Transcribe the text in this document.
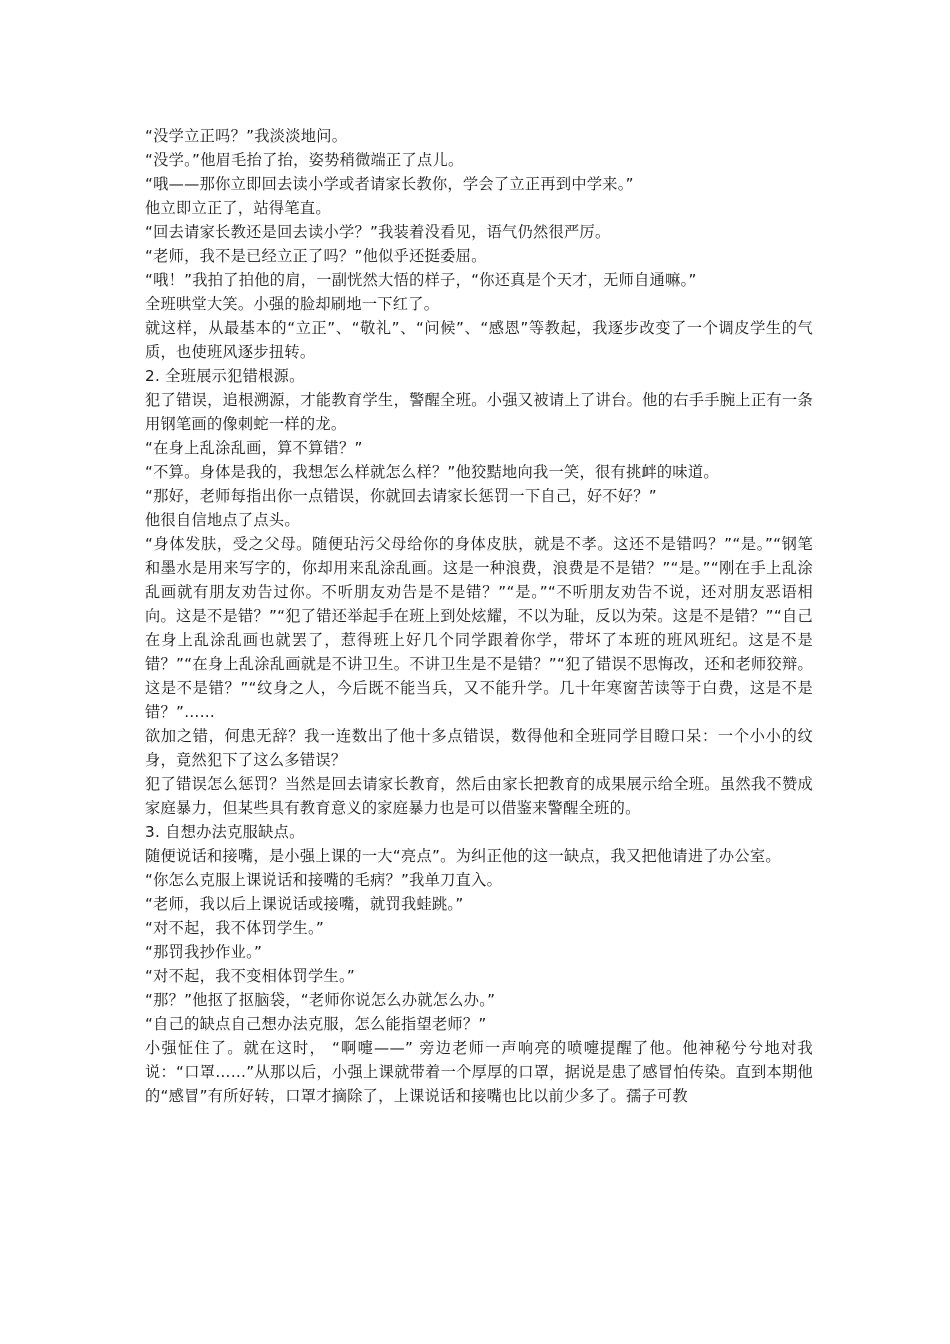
“没学立正吗？”我淡淡地问。

“没学。”他眉毛抬了抬，姿势稍微端正了点儿。

“哦——那你立即回去读小学或者请家长教你，学会了立正再到中学来。”

他立即立正了，站得笔直。

“回去请家长教还是回去读小学？”我装着没看见，语气仍然很严厉。

“老师，我不是已经立正了吗？”他似乎还挺委屈。

“哦！”我拍了拍他的肩，一副恍然大悟的样子，“你还真是个天才，无师自通嘛。”

全班哄堂大笑。小强的脸却刷地一下红了。

就这样，从最基本的“立正”、“敬礼”、“问候”、“感恩”等教起，我逐步改变了一个调皮学生的气质，也使班风逐步扭转。

2. 全班展示犯错根源。

犯了错误，追根溯源，才能教育学生，警醒全班。小强又被请上了讲台。他的右手手腕上正有一条用钢笔画的像刺蛇一样的龙。

“在身上乱涂乱画，算不算错？”

“不算。身体是我的，我想怎么样就怎么样？”他狡黠地向我一笑，很有挑衅的味道。

“那好，老师每指出你一点错误，你就回去请家长惩罚一下自己，好不好？”

他很自信地点了点头。

“身体发肤，受之父母。随便玷污父母给你的身体皮肤，就是不孝。这还不是错吗？”“是。”“钢笔和墨水是用来写字的，你却用来乱涂乱画。这是一种浪费，浪费是不是错？”“是。”“刚在手上乱涂乱画就有朋友劝告过你。不听朋友劝告是不是错？”“是。”“不听朋友劝告不说，还对朋友恶语相向。这是不是错？”“犯了错还举起手在班上到处炫耀，不以为耻，反以为荣。这是不是错？”“自己在身上乱涂乱画也就罢了，惹得班上好几个同学跟着你学，带坏了本班的班风班纪。这是不是错？”“在身上乱涂乱画就是不讲卫生。不讲卫生是不是错？”“犯了错误不思悔改，还和老师狡辩。这是不是错？”“纹身之人，今后既不能当兵，又不能升学。几十年寒窗苦读等于白费，这是不是错？”……

欲加之错，何患无辞？我一连数出了他十多点错误，数得他和全班同学目瞪口呆：一个小小的纹身，竟然犯下了这么多错误？

犯了错误怎么惩罚？当然是回去请家长教育，然后由家长把教育的成果展示给全班。虽然我不赞成家庭暴力，但某些具有教育意义的家庭暴力也是可以借鉴来警醒全班的。

3. 自想办法克服缺点。

随便说话和接嘴，是小强上课的一大“亮点”。为纠正他的这一缺点，我又把他请进了办公室。

“你怎么克服上课说话和接嘴的毛病？”我单刀直入。

“老师，我以后上课说话或接嘴，就罚我蛙跳。”

“对不起，我不体罚学生。”

“那罚我抄作业。”

“对不起，我不变相体罚学生。”

“那？”他抠了抠脑袋，“老师你说怎么办就怎么办。”

“自己的缺点自己想办法克服，怎么能指望老师？”

小强怔住了。就在这时， “啊嚏——” 旁边老师一声响亮的喷嚏提醒了他。他神秘兮兮地对我说：“口罩……”从那以后，小强上课就带着一个厚厚的口罩，据说是患了感冒怕传染。直到本期他的“感冒”有所好转，口罩才摘除了，上课说话和接嘴也比以前少多了。孺子可教
